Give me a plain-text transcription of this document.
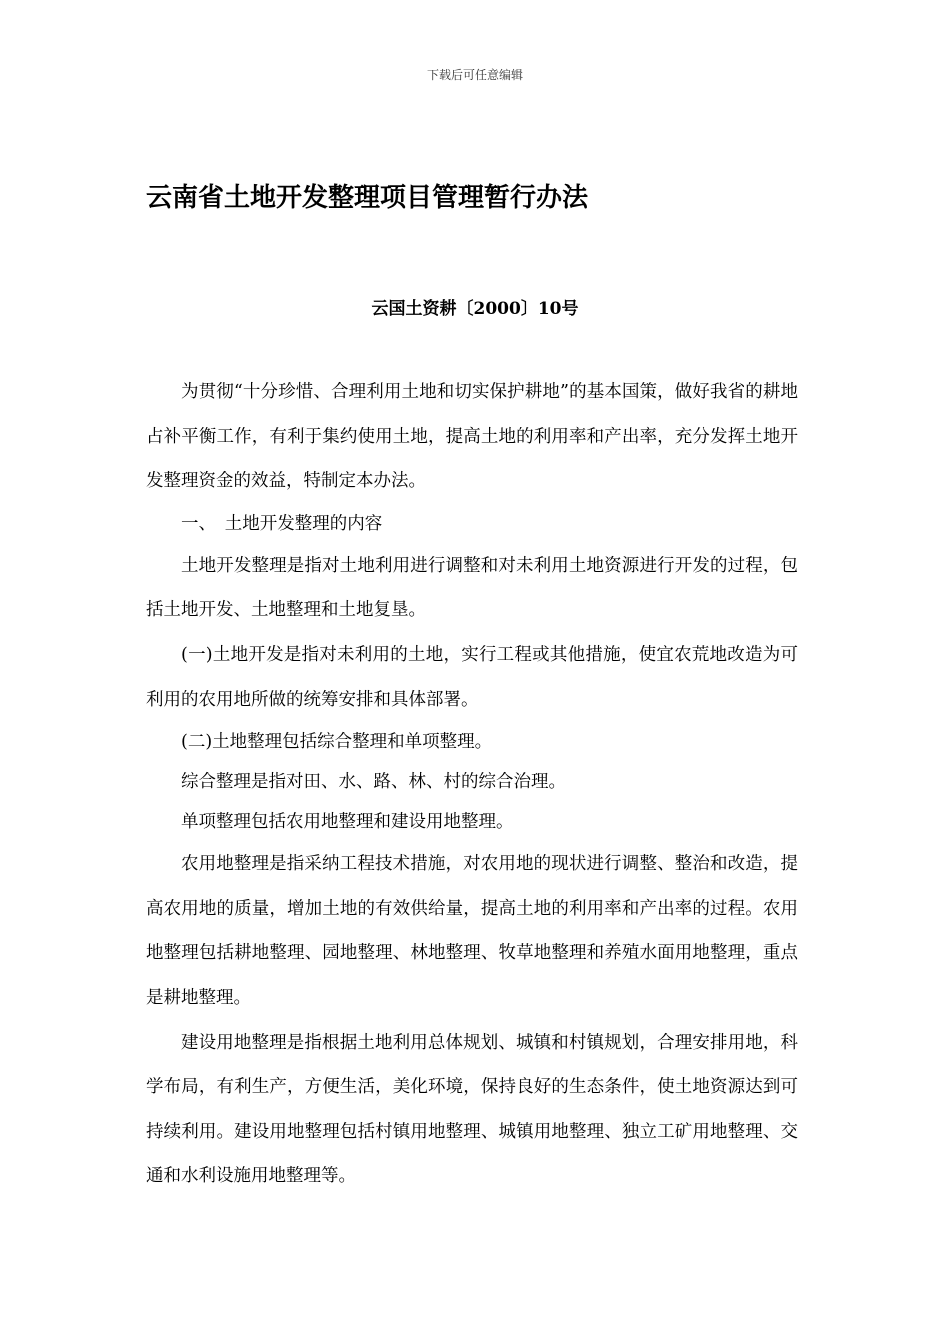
下载后可任意编辑
云南省土地开发整理项目管理暂行办法
云国土资耕〔2000〕10号

为贯彻“十分珍惜、合理利用土地和切实保护耕地”的基本国策，做好我省的耕地占补平衡工作，有利于集约使用土地，提高土地的利用率和产出率，充分发挥土地开发整理资金的效益，特制定本办法。

一、　土地开发整理的内容

土地开发整理是指对土地利用进行调整和对未利用土地资源进行开发的过程，包括土地开发、土地整理和土地复垦。

(一)土地开发是指对未利用的土地，实行工程或其他措施，使宜农荒地改造为可利用的农用地所做的统筹安排和具体部署。

(二)土地整理包括综合整理和单项整理。

综合整理是指对田、水、路、林、村的综合治理。

单项整理包括农用地整理和建设用地整理。

农用地整理是指采纳工程技术措施，对农用地的现状进行调整、整治和改造，提高农用地的质量，增加土地的有效供给量，提高土地的利用率和产出率的过程。农用地整理包括耕地整理、园地整理、林地整理、牧草地整理和养殖水面用地整理，重点是耕地整理。

建设用地整理是指根据土地利用总体规划、城镇和村镇规划，合理安排用地，科学布局，有利生产，方便生活，美化环境，保持良好的生态条件，使土地资源达到可持续利用。建设用地整理包括村镇用地整理、城镇用地整理、独立工矿用地整理、交通和水利设施用地整理等。
